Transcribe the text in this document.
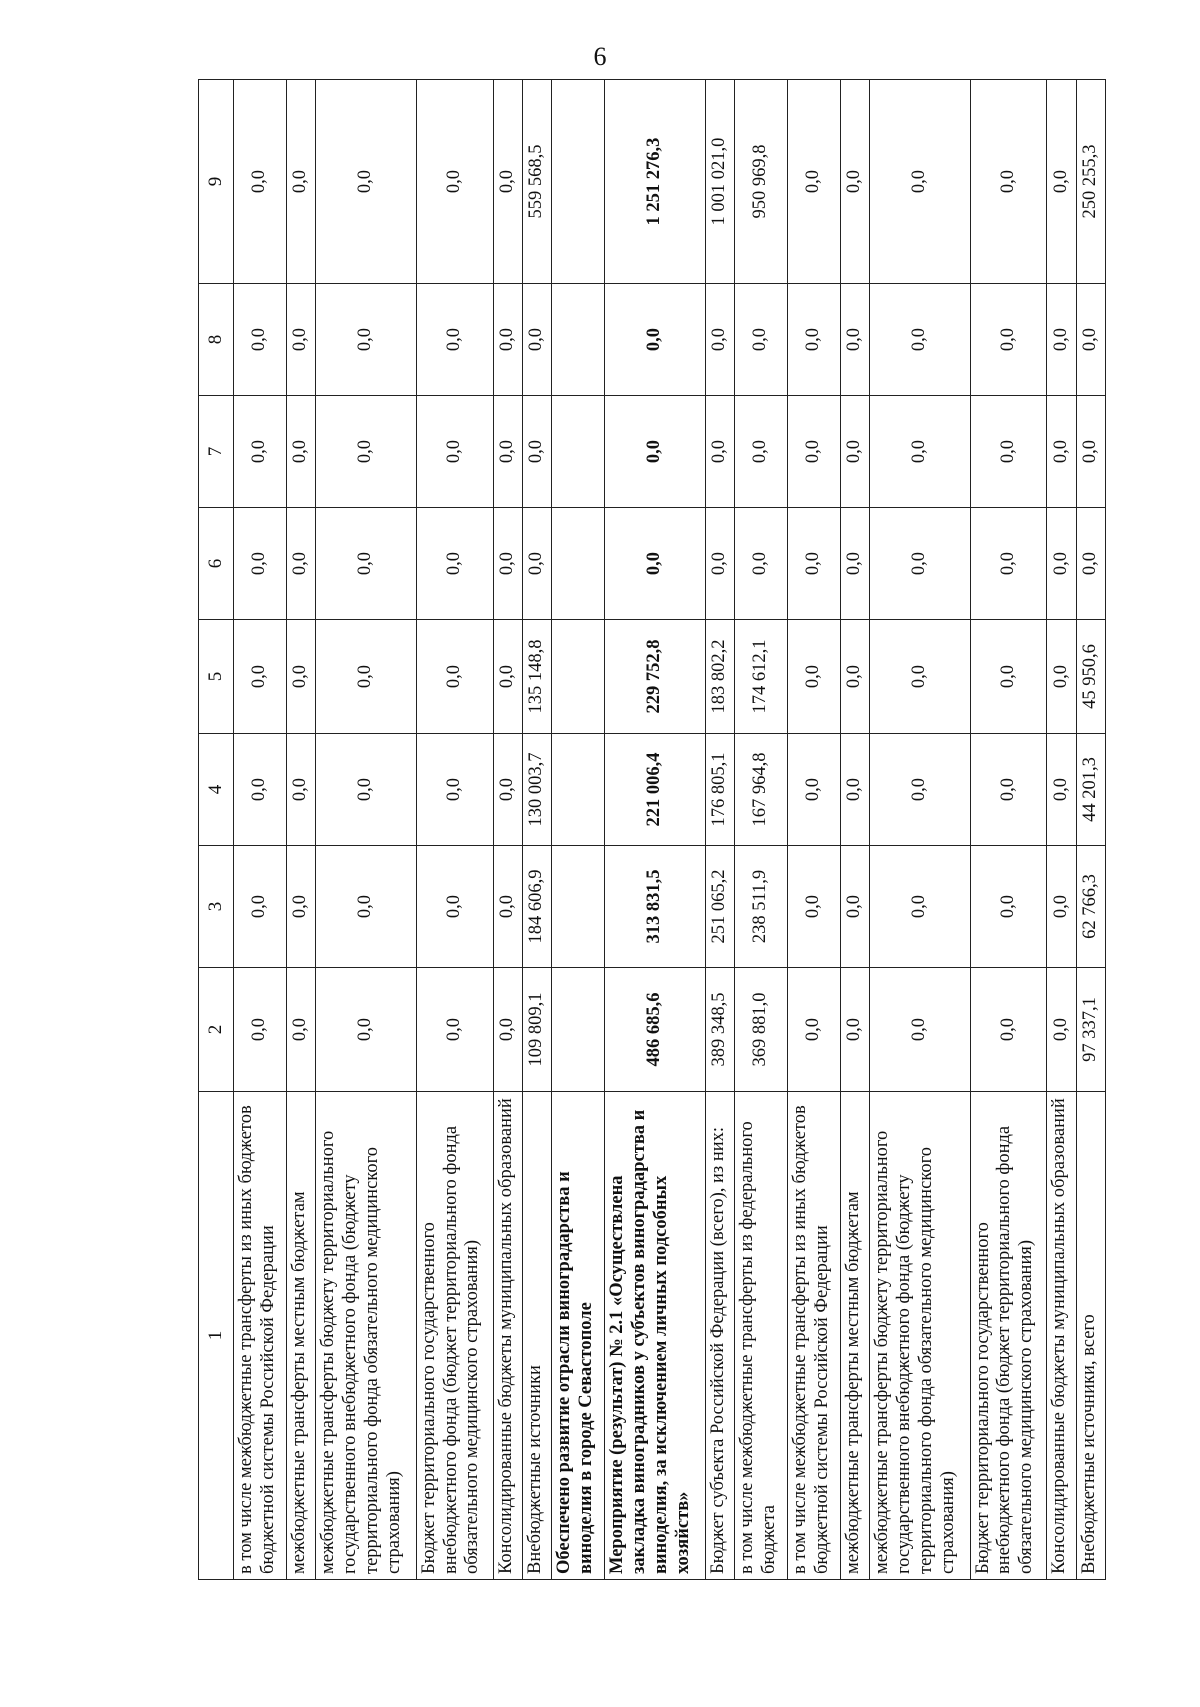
6
1	2	3	4	5	6	7	8	9
в том числе межбюджетные трансферты из иных бюджетов бюджетной системы Российской Федерации	0,0	0,0	0,0	0,0	0,0	0,0	0,0	0,0
межбюджетные трансферты местным бюджетам	0,0	0,0	0,0	0,0	0,0	0,0	0,0	0,0
межбюджетные трансферты бюджету территориального государственного внебюджетного фонда (бюджету территориального фонда обязательного медицинского страхования)	0,0	0,0	0,0	0,0	0,0	0,0	0,0	0,0
Бюджет территориального государственного внебюджетного фонда (бюджет территориального фонда обязательного медицинского страхования)	0,0	0,0	0,0	0,0	0,0	0,0	0,0	0,0
Консолидированные бюджеты муниципальных образований	0,0	0,0	0,0	0,0	0,0	0,0	0,0	0,0
Внебюджетные источники	109 809,1	184 606,9	130 003,7	135 148,8	0,0	0,0	0,0	559 568,5
Обеспечено развитие отрасли виноградарства и виноделия в городе Севастополе								
Мероприятие (результат) № 2.1 «Осуществлена закладка виноградников у субъектов виноградарства и виноделия, за исключением личных подсобных хозяйств»	486 685,6	313 831,5	221 006,4	229 752,8	0,0	0,0	0,0	1 251 276,3
Бюджет субъекта Российской Федерации (всего), из них:	389 348,5	251 065,2	176 805,1	183 802,2	0,0	0,0	0,0	1 001 021,0
в том числе межбюджетные трансферты из федерального бюджета	369 881,0	238 511,9	167 964,8	174 612,1	0,0	0,0	0,0	950 969,8
в том числе межбюджетные трансферты из иных бюджетов бюджетной системы Российской Федерации	0,0	0,0	0,0	0,0	0,0	0,0	0,0	0,0
межбюджетные трансферты местным бюджетам	0,0	0,0	0,0	0,0	0,0	0,0	0,0	0,0
межбюджетные трансферты бюджету территориального государственного внебюджетного фонда (бюджету территориального фонда обязательного медицинского страхования)	0,0	0,0	0,0	0,0	0,0	0,0	0,0	0,0
Бюджет территориального государственного внебюджетного фонда (бюджет территориального фонда обязательного медицинского страхования)	0,0	0,0	0,0	0,0	0,0	0,0	0,0	0,0
Консолидированные бюджеты муниципальных образований	0,0	0,0	0,0	0,0	0,0	0,0	0,0	0,0
Внебюджетные источники, всего	97 337,1	62 766,3	44 201,3	45 950,6	0,0	0,0	0,0	250 255,3
